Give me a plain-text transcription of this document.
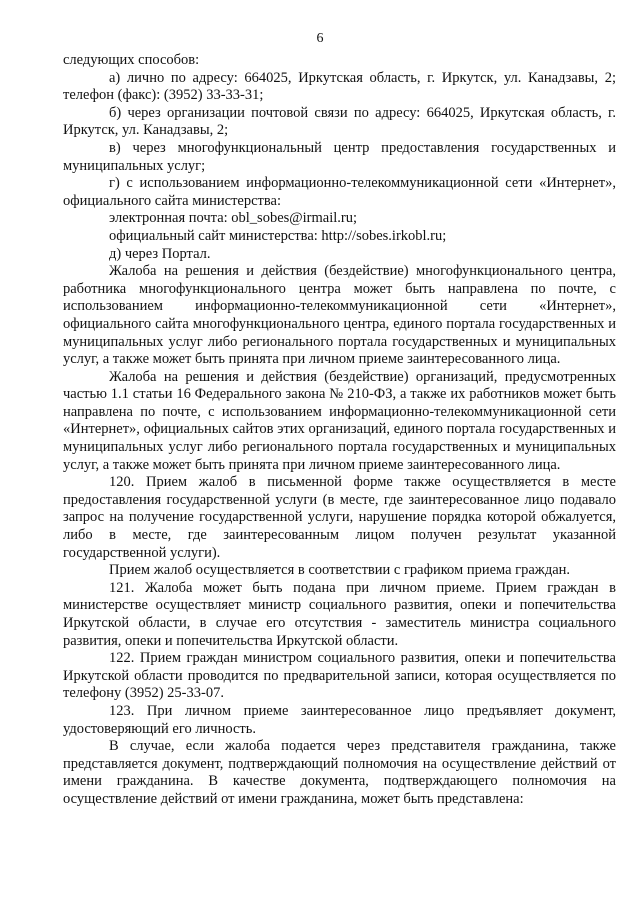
6

следующих способов:

а) лично по адресу: 664025, Иркутская область, г. Иркутск, ул. Канадзавы, 2; телефон (факс): (3952) 33-33-31;

б) через организации почтовой связи по адресу: 664025, Иркутская область, г. Иркутск, ул. Канадзавы, 2;

в) через многофункциональный центр предоставления государственных и муниципальных услуг;

г) с использованием информационно-телекоммуникационной сети «Интернет», официального сайта министерства:

электронная почта: obl_sobes@irmail.ru;

официальный сайт министерства: http://sobes.irkobl.ru;

д) через Портал.

Жалоба на решения и действия (бездействие) многофункционального центра, работника многофункционального центра может быть направлена по почте, с использованием информационно-телекоммуникационной сети «Интернет», официального сайта многофункционального центра, единого портала государственных и муниципальных услуг либо регионального портала государственных и муниципальных услуг, а также может быть принята при личном приеме заинтересованного лица.

Жалоба на решения и действия (бездействие) организаций, предусмотренных частью 1.1 статьи 16 Федерального закона № 210-ФЗ, а также их работников может быть направлена по почте, с использованием информационно-телекоммуникационной сети «Интернет», официальных сайтов этих организаций, единого портала государственных и муниципальных услуг либо регионального портала государственных и муниципальных услуг, а также может быть принята при личном приеме заинтересованного лица.

120. Прием жалоб в письменной форме также осуществляется в месте предоставления государственной услуги (в месте, где заинтересованное лицо подавало запрос на получение государственной услуги, нарушение порядка которой обжалуется, либо в месте, где заинтересованным лицом получен результат указанной государственной услуги).

Прием жалоб осуществляется в соответствии с графиком приема граждан.

121. Жалоба может быть подана при личном приеме. Прием граждан в министерстве осуществляет министр социального развития, опеки и попечительства Иркутской области, в случае его отсутствия - заместитель министра социального развития, опеки и попечительства Иркутской области.

122. Прием граждан министром социального развития, опеки и попечительства Иркутской области проводится по предварительной записи, которая осуществляется по телефону (3952) 25-33-07.

123. При личном приеме заинтересованное лицо предъявляет документ, удостоверяющий его личность.

В случае, если жалоба подается через представителя гражданина, также представляется документ, подтверждающий полномочия на осуществление действий от имени гражданина. В качестве документа, подтверждающего полномочия на осуществление действий от имени гражданина, может быть представлена:
